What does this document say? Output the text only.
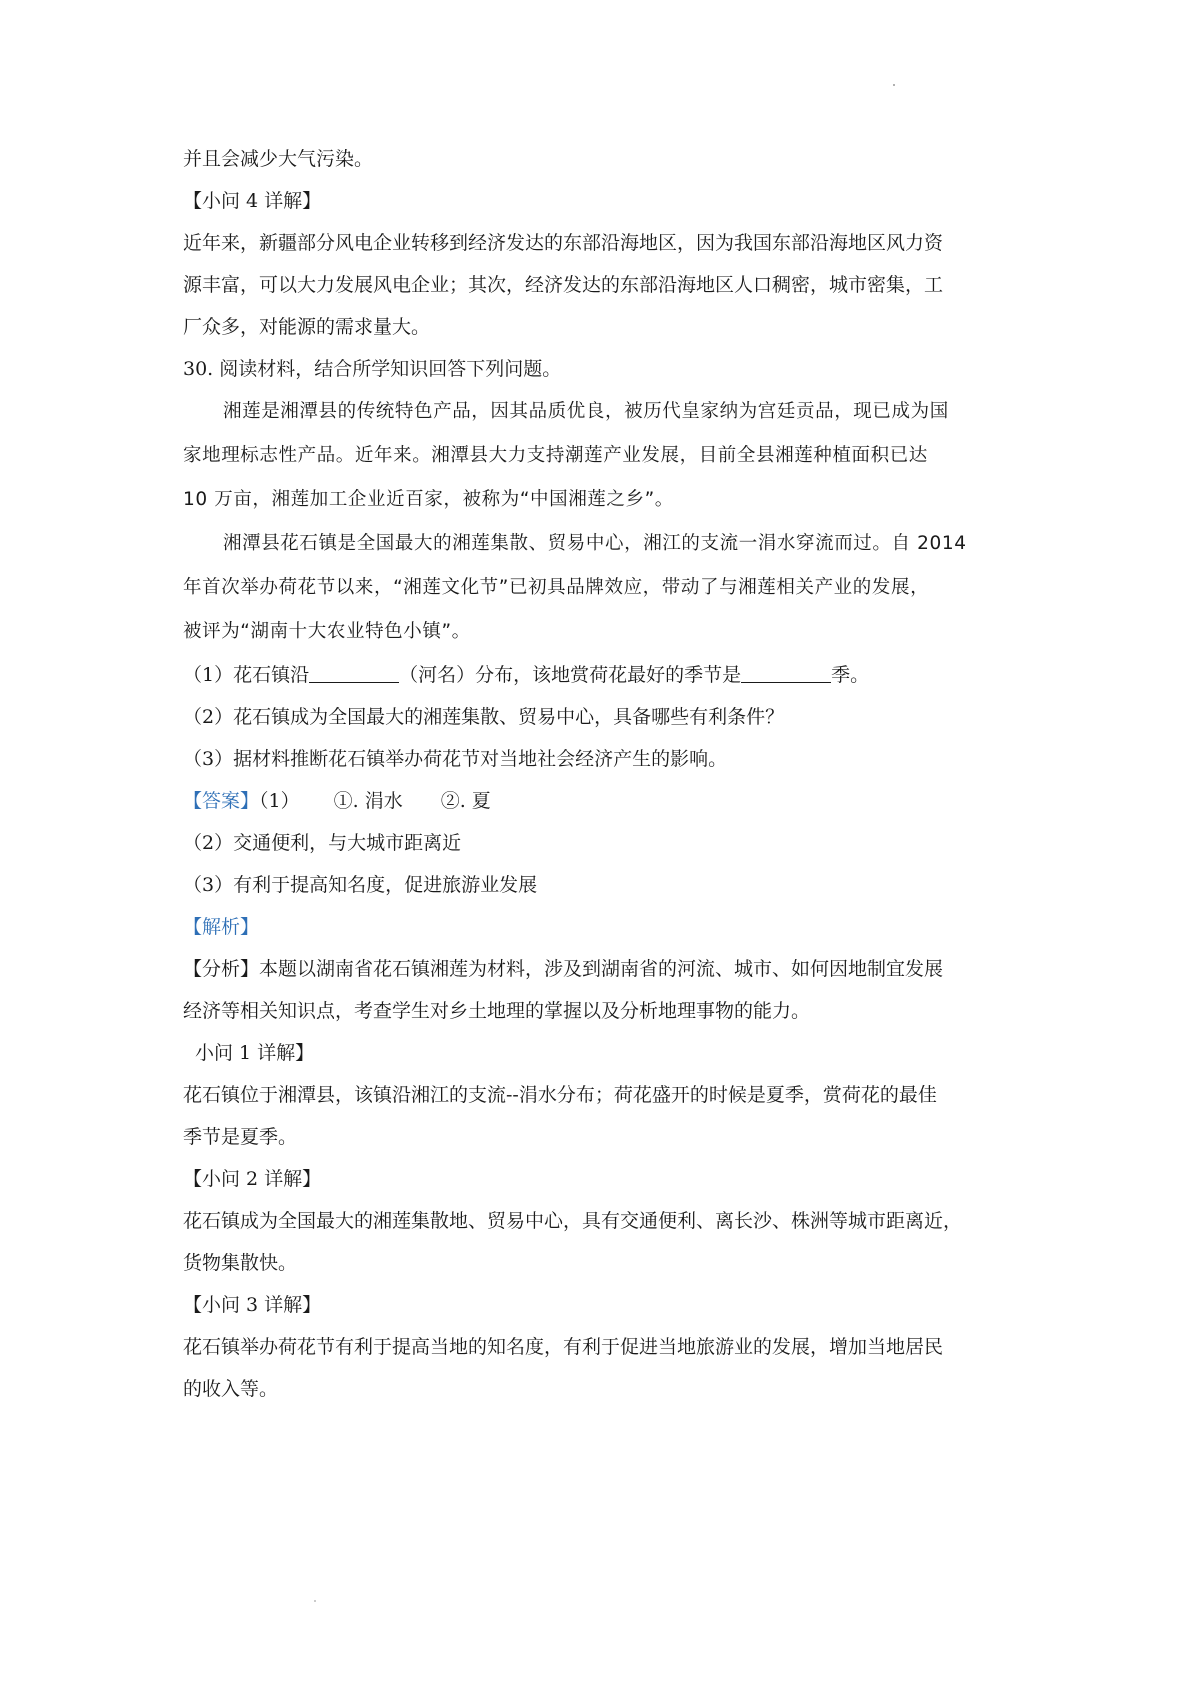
并且会减少大气污染。
【小问 4 详解】
近年来，新疆部分风电企业转移到经济发达的东部沿海地区，因为我国东部沿海地区风力资
源丰富，可以大力发展风电企业；其次，经济发达的东部沿海地区人口稠密，城市密集，工
厂众多，对能源的需求量大。
30. 阅读材料，结合所学知识回答下列问题。
湘莲是湘潭县的传统特色产品，因其品质优良，被历代皇家纳为宫廷贡品，现已成为国
家地理标志性产品。近年来。湘潭县大力支持潮莲产业发展，目前全县湘莲种植面积已达
10 万亩，湘莲加工企业近百家，被称为“中国湘莲之乡”。
湘潭县花石镇是全国最大的湘莲集散、贸易中心，湘江的支流一涓水穿流而过。自 2014
年首次举办荷花节以来，“湘莲文化节”已初具品牌效应，带动了与湘莲相关产业的发展，
被评为“湖南十大农业特色小镇”。
（1）花石镇沿	（河名）分布，该地赏荷花最好的季节是	季。
（2）花石镇成为全国最大的湘莲集散、贸易中心，具备哪些有利条件？
（3）据材料推断花石镇举办荷花节对当地社会经济产生的影响。
【答案】（1） ①. 涓水 ②. 夏
（2）交通便利，与大城市距离近
（3）有利于提高知名度，促进旅游业发展
【解析】
【分析】本题以湖南省花石镇湘莲为材料，涉及到湖南省的河流、城市、如何因地制宜发展
经济等相关知识点，考查学生对乡土地理的掌握以及分析地理事物的能力。
小问 1 详解】
花石镇位于湘潭县，该镇沿湘江的支流--涓水分布；荷花盛开的时候是夏季，赏荷花的最佳
季节是夏季。
【小问 2 详解】
花石镇成为全国最大的湘莲集散地、贸易中心，具有交通便利、离长沙、株洲等城市距离近，
货物集散快。
【小问 3 详解】
花石镇举办荷花节有利于提高当地的知名度，有利于促进当地旅游业的发展，增加当地居民
的收入等。
